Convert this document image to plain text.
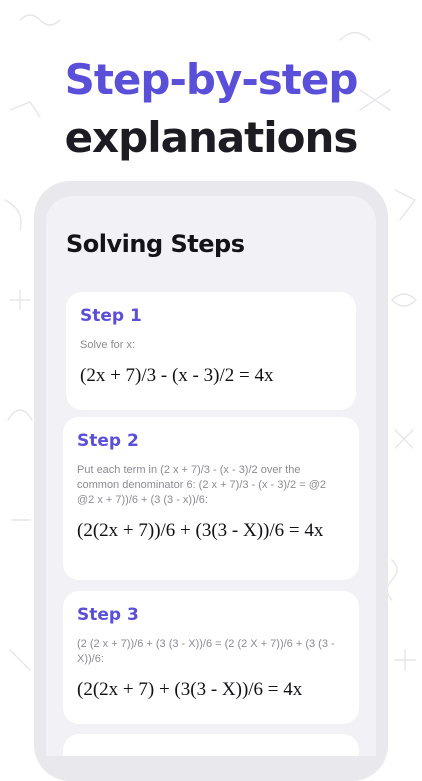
Step-by-step
explanations
Solving Steps
Step 1
Solve for x:
(2x + 7)/3 - (x - 3)/2 = 4x
Step 2
Put each term in (2 x + 7)/3 - (x - 3)/2 over the common denominator 6: (2 x + 7)/3 - (x - 3)/2 = @2 @2 x + 7))/6 + (3 (3 - x))/6:
(2(2x + 7))/6 + (3(3 - X))/6 = 4x
Step 3
(2 (2 x + 7))/6 + (3 (3 - X))/6 = (2 (2 X + 7))/6 + (3 (3 - X))/6:
(2(2x + 7) + (3(3 - X))/6 = 4x
